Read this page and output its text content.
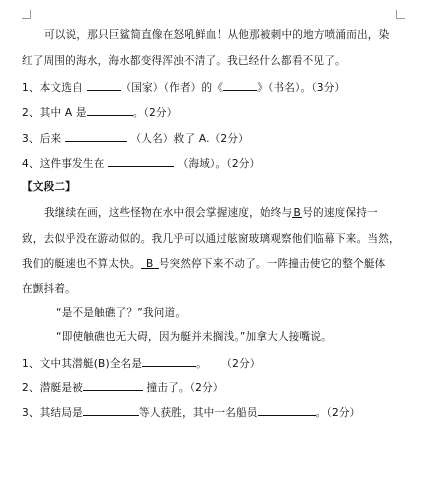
可以说，那只巨鲨简直像在怒吼鲜血！从他那被刺中的地方喷涌而出，染
红了周围的海水，海水都变得浑浊不清了。我已经什么都看不见了。
1、本文选自	（国家）（作者）的《	》（书名）。（3分）
2、其中 A 是	。（2分）
3、后来	（人名）救了 A.（2分）
4、这件事发生在	（海域）。（2分）
【文段二】
我继续在画，这些怪物在水中很会掌握速度，始终与B号的速度保持一
致，去似乎没在游动似的。我几乎可以通过舷窗玻璃观察他们临幕下来。当然，
我们的艇速也不算太快。 B 号突然停下来不动了。一阵撞击使它的整个艇体
在颤抖着。
“是不是触礁了？”我问道。
“即使触礁也无大碍，因为艇并未搁浅。”加拿大人接嘴说。
1、文中其潜艇(B)全名是	。 （2分）
2、潜艇是被	撞击了。（2分）
3、其结局是	等人获胜，其中一名船员	。（2分）
